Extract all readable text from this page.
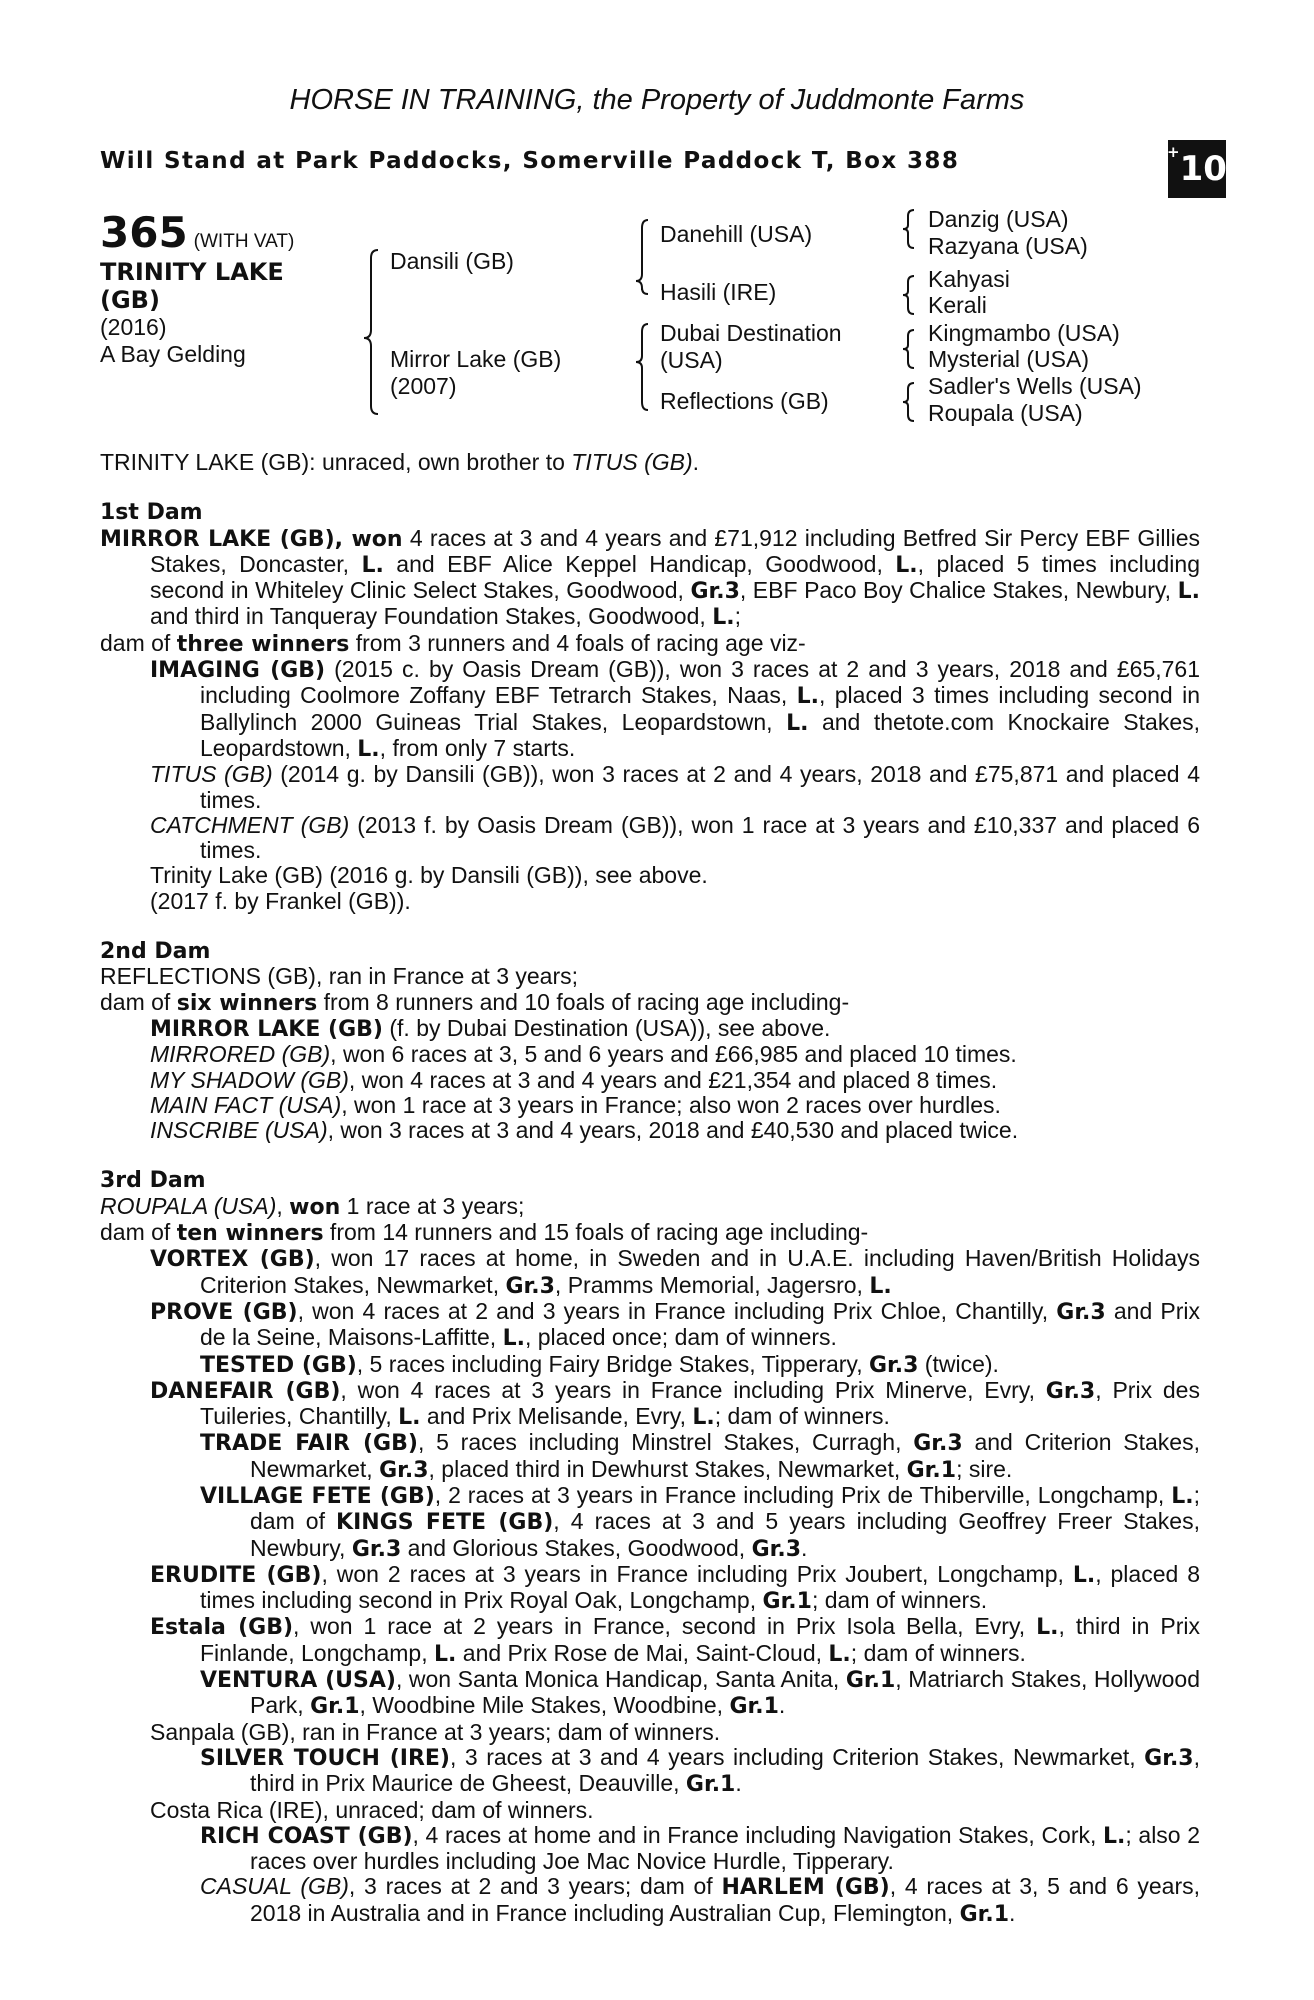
HORSE IN TRAINING, the Property of Juddmonte Farms
Will Stand at Park Paddocks, Somerville Paddock T, Box 388	+ 10
365 (WITH VAT)
TRINITY LAKE
(GB)
(2016)
A Bay Gelding
Dansili (GB)
Mirror Lake (GB)
(2007)
Danehill (USA)
Hasili (IRE)
Dubai Destination
(USA)
Reflections (GB)
Danzig (USA)
Razyana (USA)
Kahyasi
Kerali
Kingmambo (USA)
Mysterial (USA)
Sadler's Wells (USA)
Roupala (USA)

TRINITY LAKE (GB): unraced, own brother to TITUS (GB).

1st Dam

MIRROR LAKE (GB), won 4 races at 3 and 4 years and £71,912 including Betfred Sir Percy EBF Gillies Stakes, Doncaster, L. and EBF Alice Keppel Handicap, Goodwood, L., placed 5 times including second in Whiteley Clinic Select Stakes, Goodwood, Gr.3, EBF Paco Boy Chalice Stakes, Newbury, L. and third in Tanqueray Foundation Stakes, Goodwood, L.;

dam of three winners from 3 runners and 4 foals of racing age viz-

IMAGING (GB) (2015 c. by Oasis Dream (GB)), won 3 races at 2 and 3 years, 2018 and £65,761 including Coolmore Zoffany EBF Tetrarch Stakes, Naas, L., placed 3 times including second in Ballylinch 2000 Guineas Trial Stakes, Leopardstown, L. and thetote.com Knockaire Stakes, Leopardstown, L., from only 7 starts.

TITUS (GB) (2014 g. by Dansili (GB)), won 3 races at 2 and 4 years, 2018 and £75,871 and placed 4 times.

CATCHMENT (GB) (2013 f. by Oasis Dream (GB)), won 1 race at 3 years and £10,337 and placed 6 times.

Trinity Lake (GB) (2016 g. by Dansili (GB)), see above.

(2017 f. by Frankel (GB)).

2nd Dam

REFLECTIONS (GB), ran in France at 3 years;

dam of six winners from 8 runners and 10 foals of racing age including-

MIRROR LAKE (GB) (f. by Dubai Destination (USA)), see above.

MIRRORED (GB), won 6 races at 3, 5 and 6 years and £66,985 and placed 10 times.

MY SHADOW (GB), won 4 races at 3 and 4 years and £21,354 and placed 8 times.

MAIN FACT (USA), won 1 race at 3 years in France; also won 2 races over hurdles.

INSCRIBE (USA), won 3 races at 3 and 4 years, 2018 and £40,530 and placed twice.

3rd Dam

ROUPALA (USA), won 1 race at 3 years;

dam of ten winners from 14 runners and 15 foals of racing age including-

VORTEX (GB), won 17 races at home, in Sweden and in U.A.E. including Haven/British Holidays Criterion Stakes, Newmarket, Gr.3, Pramms Memorial, Jagersro, L.

PROVE (GB), won 4 races at 2 and 3 years in France including Prix Chloe, Chantilly, Gr.3 and Prix de la Seine, Maisons-Laffitte, L., placed once; dam of winners.

TESTED (GB), 5 races including Fairy Bridge Stakes, Tipperary, Gr.3 (twice).

DANEFAIR (GB), won 4 races at 3 years in France including Prix Minerve, Evry, Gr.3, Prix des Tuileries, Chantilly, L. and Prix Melisande, Evry, L.; dam of winners.

TRADE FAIR (GB), 5 races including Minstrel Stakes, Curragh, Gr.3 and Criterion Stakes, Newmarket, Gr.3, placed third in Dewhurst Stakes, Newmarket, Gr.1; sire.

VILLAGE FETE (GB), 2 races at 3 years in France including Prix de Thiberville, Longchamp, L.; dam of KINGS FETE (GB), 4 races at 3 and 5 years including Geoffrey Freer Stakes, Newbury, Gr.3 and Glorious Stakes, Goodwood, Gr.3.

ERUDITE (GB), won 2 races at 3 years in France including Prix Joubert, Longchamp, L., placed 8 times including second in Prix Royal Oak, Longchamp, Gr.1; dam of winners.

Estala (GB), won 1 race at 2 years in France, second in Prix Isola Bella, Evry, L., third in Prix Finlande, Longchamp, L. and Prix Rose de Mai, Saint-Cloud, L.; dam of winners.

VENTURA (USA), won Santa Monica Handicap, Santa Anita, Gr.1, Matriarch Stakes, Hollywood Park, Gr.1, Woodbine Mile Stakes, Woodbine, Gr.1.

Sanpala (GB), ran in France at 3 years; dam of winners.

SILVER TOUCH (IRE), 3 races at 3 and 4 years including Criterion Stakes, Newmarket, Gr.3, third in Prix Maurice de Gheest, Deauville, Gr.1.

Costa Rica (IRE), unraced; dam of winners.

RICH COAST (GB), 4 races at home and in France including Navigation Stakes, Cork, L.; also 2 races over hurdles including Joe Mac Novice Hurdle, Tipperary.

CASUAL (GB), 3 races at 2 and 3 years; dam of HARLEM (GB), 4 races at 3, 5 and 6 years, 2018 in Australia and in France including Australian Cup, Flemington, Gr.1.
